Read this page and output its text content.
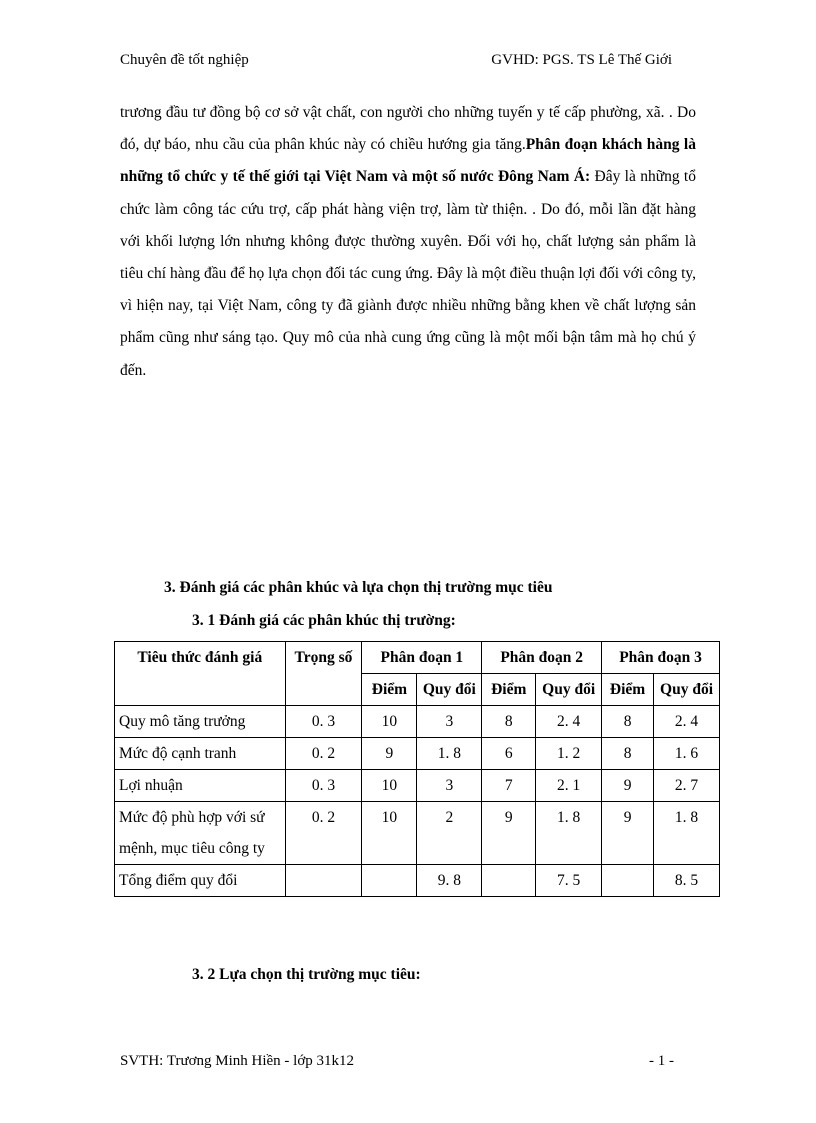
Chuyên đề tốt nghiệp	GVHD: PGS. TS Lê Thế Giới

trương đầu tư đồng bộ cơ sở vật chất, con người cho những tuyến y tế cấp phường, xã. . Do đó, dự báo, nhu cầu của phân khúc này có chiều hướng gia tăng.Phân đoạn khách hàng là những tổ chức y tế thế giới tại Việt Nam và một số nước Đông Nam Á: Đây là những tổ chức làm công tác cứu trợ, cấp phát hàng viện trợ, làm từ thiện. . Do đó, mỗi lần đặt hàng với khối lượng lớn nhưng không được thường xuyên. Đối với họ, chất lượng sản phẩm là tiêu chí hàng đầu để họ lựa chọn đối tác cung ứng. Đây là một điều thuận lợi đối với công ty, vì hiện nay, tại Việt Nam, công ty đã giành được nhiều những bằng khen về chất lượng sản phẩm cũng như sáng tạo. Quy mô của nhà cung ứng cũng là một mối bận tâm mà họ chú ý đến.

3. Đánh giá các phân khúc và lựa chọn thị trường mục tiêu
3. 1 Đánh giá các phân khúc thị trường:
Tiêu thức đánh giá	Trọng số	Phân đoạn 1		Phân đoạn 2		Phân đoạn 3	
		Điểm	Quy đổi	Điểm	Quy đổi	Điểm	Quy đổi
Quy mô tăng trưởng	0. 3	10	3	8	2. 4	8	2. 4
Mức độ cạnh tranh	0. 2	9	1. 8	6	1. 2	8	1. 6
Lợi nhuận	0. 3	10	3	7	2. 1	9	2. 7
Mức độ phù hợp với sứ mệnh, mục tiêu công ty	0. 2	10	2	9	1. 8	9	1. 8
Tổng điểm quy đổi			9. 8		7. 5		8. 5
3. 2 Lựa chọn thị trường mục tiêu:
SVTH: Trương Minh Hiền - lớp 31k12	- 1 -
